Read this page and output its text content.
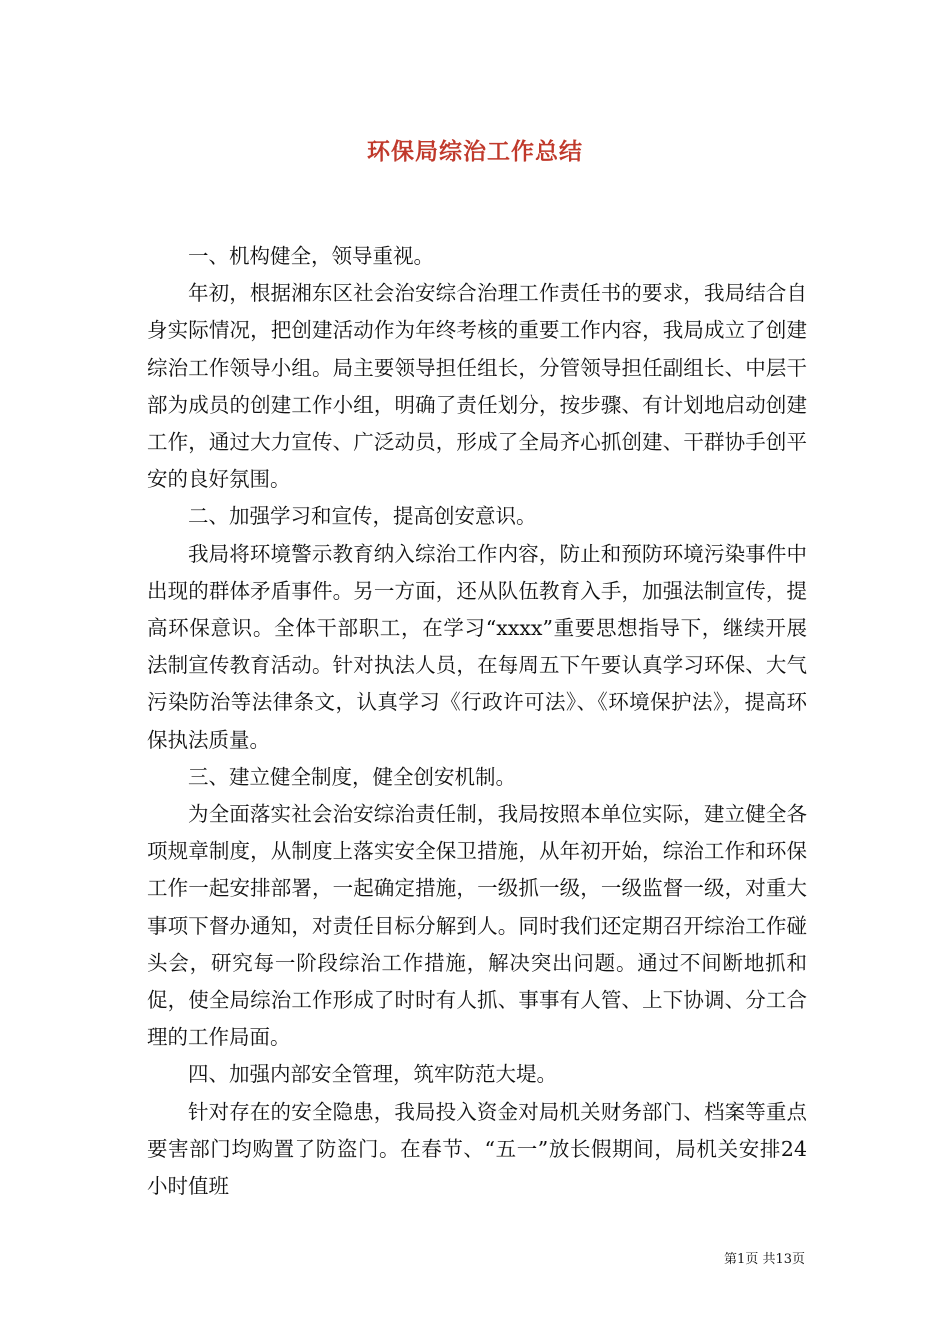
环保局综治工作总结

一、机构健全，领导重视。

年初，根据湘东区社会治安综合治理工作责任书的要求，我局结合自身实际情况，把创建活动作为年终考核的重要工作内容，我局成立了创建综治工作领导小组。局主要领导担任组长，分管领导担任副组长、中层干部为成员的创建工作小组，明确了责任划分，按步骤、有计划地启动创建工作，通过大力宣传、广泛动员，形成了全局齐心抓创建、干群协手创平安的良好氛围。

二、加强学习和宣传，提高创安意识。

我局将环境警示教育纳入综治工作内容，防止和预防环境污染事件中出现的群体矛盾事件。另一方面，还从队伍教育入手，加强法制宣传，提高环保意识。全体干部职工，在学习“xxxx”重要思想指导下，继续开展法制宣传教育活动。针对执法人员，在每周五下午要认真学习环保、大气污染防治等法律条文，认真学习《行政许可法》、《环境保护法》，提高环保执法质量。

三、建立健全制度，健全创安机制。

为全面落实社会治安综治责任制，我局按照本单位实际，建立健全各项规章制度，从制度上落实安全保卫措施，从年初开始，综治工作和环保工作一起安排部署，一起确定措施，一级抓一级，一级监督一级，对重大事项下督办通知，对责任目标分解到人。同时我们还定期召开综治工作碰头会，研究每一阶段综治工作措施，解决突出问题。通过不间断地抓和促，使全局综治工作形成了时时有人抓、事事有人管、上下协调、分工合理的工作局面。

四、加强内部安全管理，筑牢防范大堤。

针对存在的安全隐患，我局投入资金对局机关财务部门、档案等重点要害部门均购置了防盗门。在春节、“五一”放长假期间，局机关安排24小时值班

第1页 共13页
